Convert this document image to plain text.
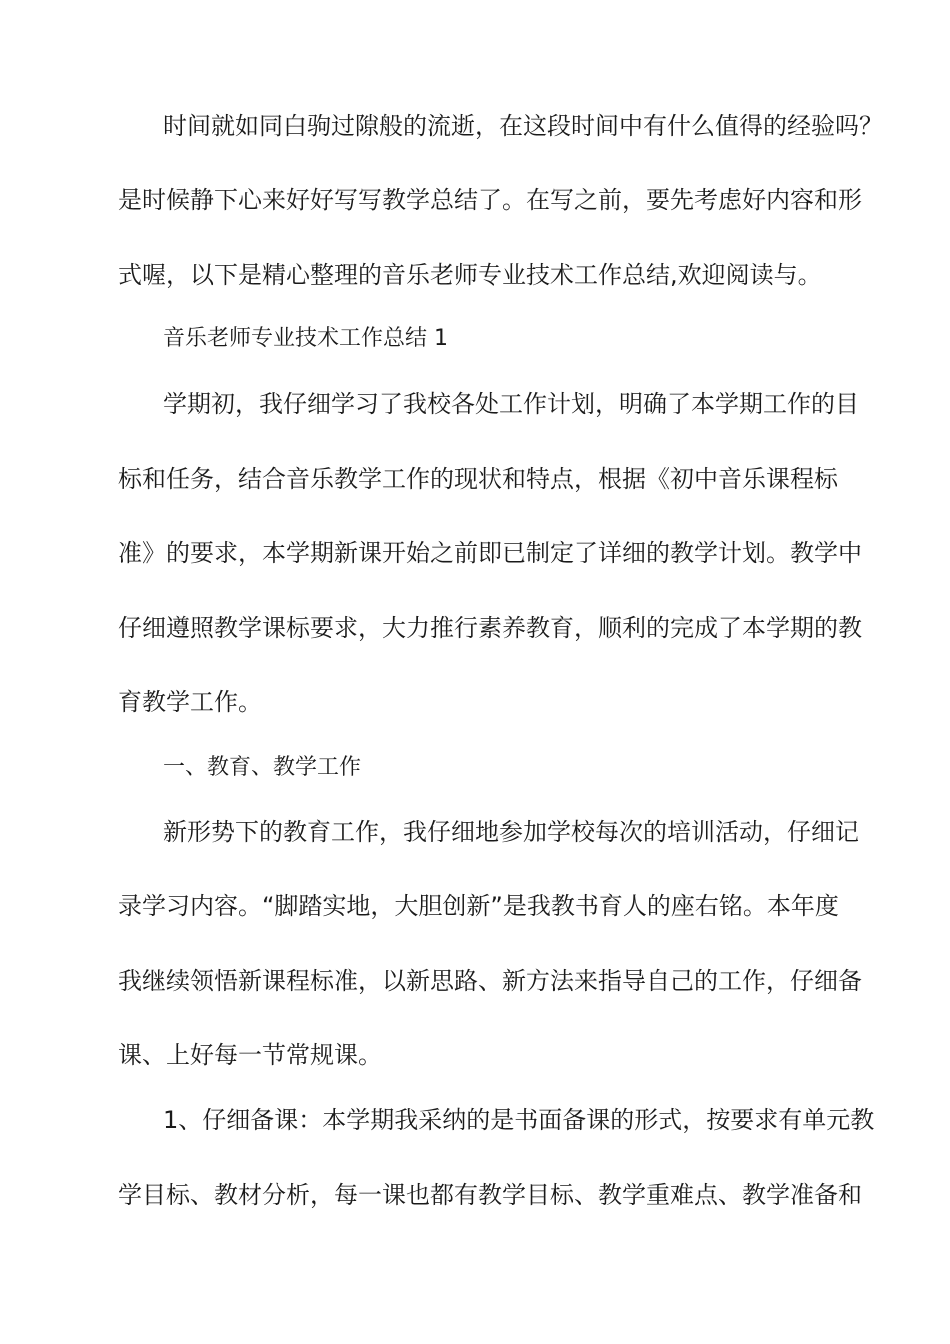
时间就如同白驹过隙般的流逝，在这段时间中有什么值得的经验吗？
是时候静下心来好好写写教学总结了。在写之前，要先考虑好内容和形
式喔，以下是精心整理的音乐老师专业技术工作总结,欢迎阅读与。
音乐老师专业技术工作总结 1
学期初，我仔细学习了我校各处工作计划，明确了本学期工作的目
标和任务，结合音乐教学工作的现状和特点，根据《初中音乐课程标
准》的要求，本学期新课开始之前即已制定了详细的教学计划。教学中
仔细遵照教学课标要求，大力推行素养教育，顺利的完成了本学期的教
育教学工作。
一、教育、教学工作
新形势下的教育工作，我仔细地参加学校每次的培训活动，仔细记
录学习内容。“脚踏实地，大胆创新”是我教书育人的座右铭。本年度
我继续领悟新课程标准，以新思路、新方法来指导自己的工作，仔细备
课、上好每一节常规课。
1、仔细备课：本学期我采纳的是书面备课的形式，按要求有单元教
学目标、教材分析，每一课也都有教学目标、教学重难点、教学准备和
